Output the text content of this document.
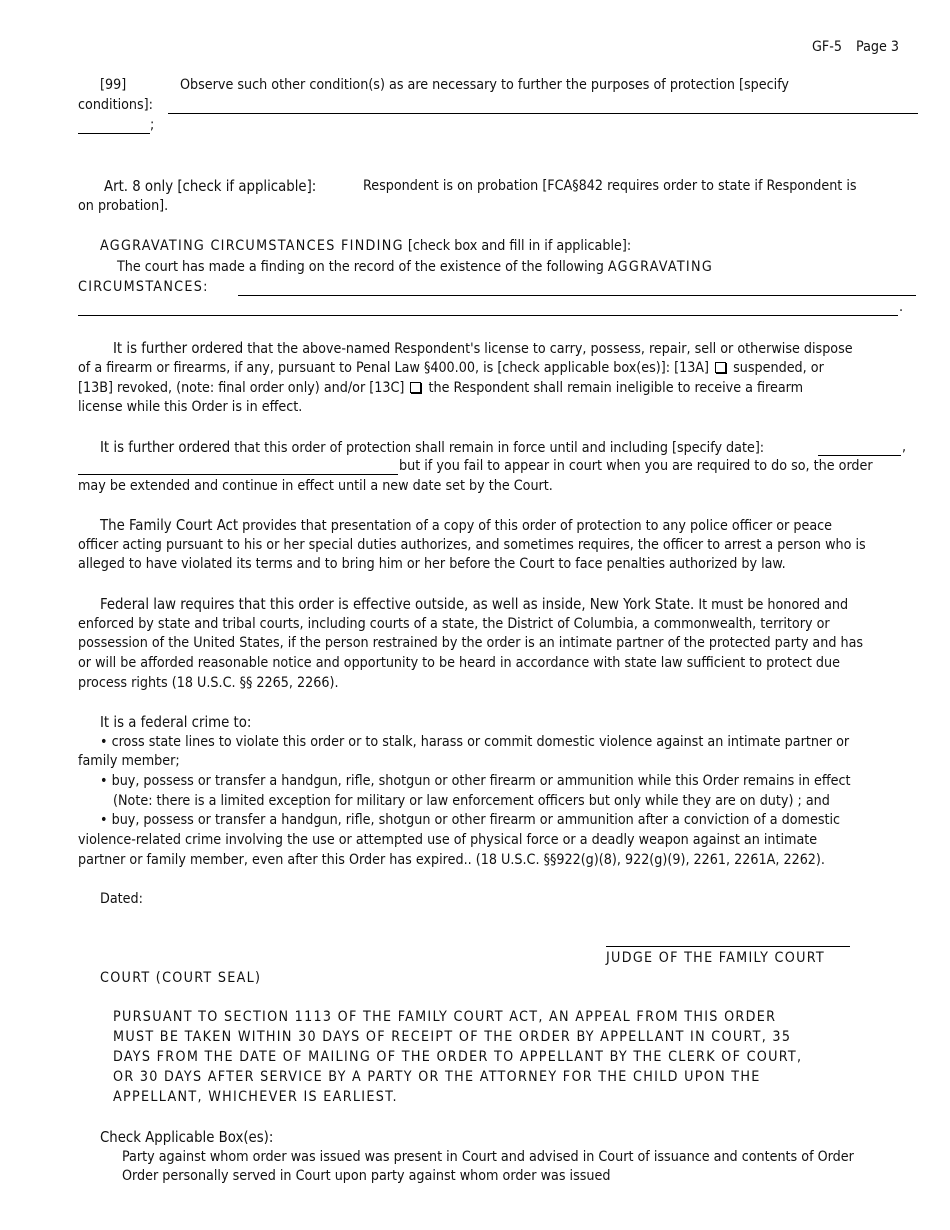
GF-5 Page 3
[99]	Observe such other condition(s) as are necessary to further the purposes of protection [specify
conditions]:
;
Art. 8 only [check if applicable]:	Respondent is on probation [FCA§842 requires order to state if Respondent is
on probation].
AGGRAVATING CIRCUMSTANCES FINDING [check box and fill in if applicable]:
The court has made a finding on the record of the existence of the following AGGRAVATING
CIRCUMSTANCES:
.
It is further ordered that the above-named Respondent's license to carry, possess, repair, sell or otherwise dispose
of a firearm or firearms, if any, pursuant to Penal Law §400.00, is [check applicable box(es)]: [13A] suspended, or
[13B] revoked, (note: final order only) and/or [13C] the Respondent shall remain ineligible to receive a firearm
license while this Order is in effect.
It is further ordered that this order of protection shall remain in force until and including [specify date]:	,
but if you fail to appear in court when you are required to do so, the order
may be extended and continue in effect until a new date set by the Court.
The Family Court Act provides that presentation of a copy of this order of protection to any police officer or peace
officer acting pursuant to his or her special duties authorizes, and sometimes requires, the officer to arrest a person who is
alleged to have violated its terms and to bring him or her before the Court to face penalties authorized by law.
Federal law requires that this order is effective outside, as well as inside, New York State. It must be honored and
enforced by state and tribal courts, including courts of a state, the District of Columbia, a commonwealth, territory or
possession of the United States, if the person restrained by the order is an intimate partner of the protected party and has
or will be afforded reasonable notice and opportunity to be heard in accordance with state law sufficient to protect due
process rights (18 U.S.C. §§ 2265, 2266).
It is a federal crime to:
• cross state lines to violate this order or to stalk, harass or commit domestic violence against an intimate partner or
family member;
• buy, possess or transfer a handgun, rifle, shotgun or other firearm or ammunition while this Order remains in effect
(Note: there is a limited exception for military or law enforcement officers but only while they are on duty) ; and
• buy, possess or transfer a handgun, rifle, shotgun or other firearm or ammunition after a conviction of a domestic
violence-related crime involving the use or attempted use of physical force or a deadly weapon against an intimate
partner or family member, even after this Order has expired.. (18 U.S.C. §§922(g)(8), 922(g)(9), 2261, 2261A, 2262).
Dated:
JUDGE OF THE FAMILY COURT
COURT (COURT SEAL)
PURSUANT TO SECTION 1113 OF THE FAMILY COURT ACT, AN APPEAL FROM THIS ORDER
MUST BE TAKEN WITHIN 30 DAYS OF RECEIPT OF THE ORDER BY APPELLANT IN COURT, 35
DAYS FROM THE DATE OF MAILING OF THE ORDER TO APPELLANT BY THE CLERK OF COURT,
OR 30 DAYS AFTER SERVICE BY A PARTY OR THE ATTORNEY FOR THE CHILD UPON THE
APPELLANT, WHICHEVER IS EARLIEST.
Check Applicable Box(es):
Party against whom order was issued was present in Court and advised in Court of issuance and contents of Order
Order personally served in Court upon party against whom order was issued
